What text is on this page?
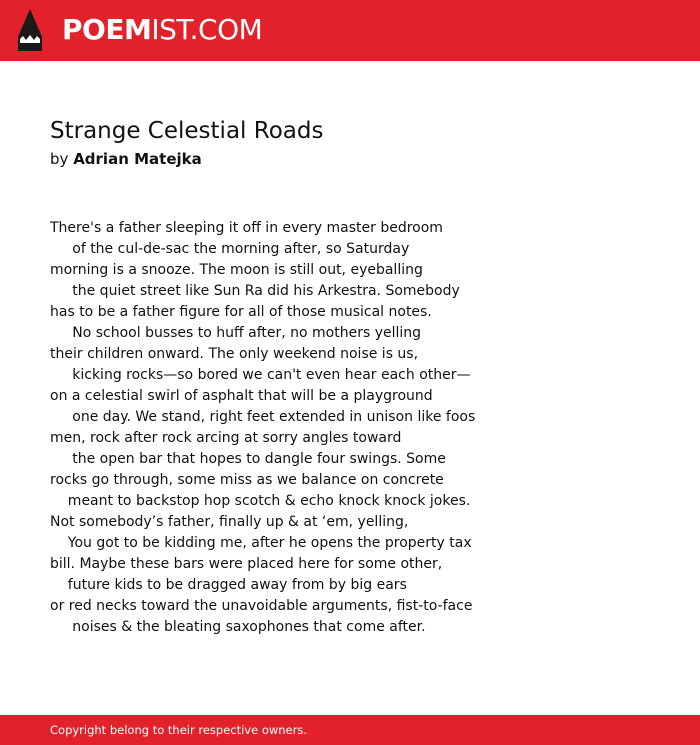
POEMIST.COM
Strange Celestial Roads
by Adrian Matejka
There's a father sleeping it off in every master bedroom
of the cul-de-sac the morning after, so Saturday
morning is a snooze. The moon is still out, eyeballing
the quiet street like Sun Ra did his Arkestra. Somebody
has to be a father figure for all of those musical notes.
No school busses to huff after, no mothers yelling
their children onward. The only weekend noise is us,
kicking rocks—so bored we can't even hear each other—
on a celestial swirl of asphalt that will be a playground
one day. We stand, right feet extended in unison like foos
men, rock after rock arcing at sorry angles toward
the open bar that hopes to dangle four swings. Some
rocks go through, some miss as we balance on concrete
meant to backstop hop scotch & echo knock knock jokes.
Not somebody’s father, finally up & at ‘em, yelling,
You got to be kidding me, after he opens the property tax
bill. Maybe these bars were placed here for some other,
future kids to be dragged away from by big ears
or red necks toward the unavoidable arguments, fist-to-face
noises & the bleating saxophones that come after.
Copyright belong to their respective owners.
